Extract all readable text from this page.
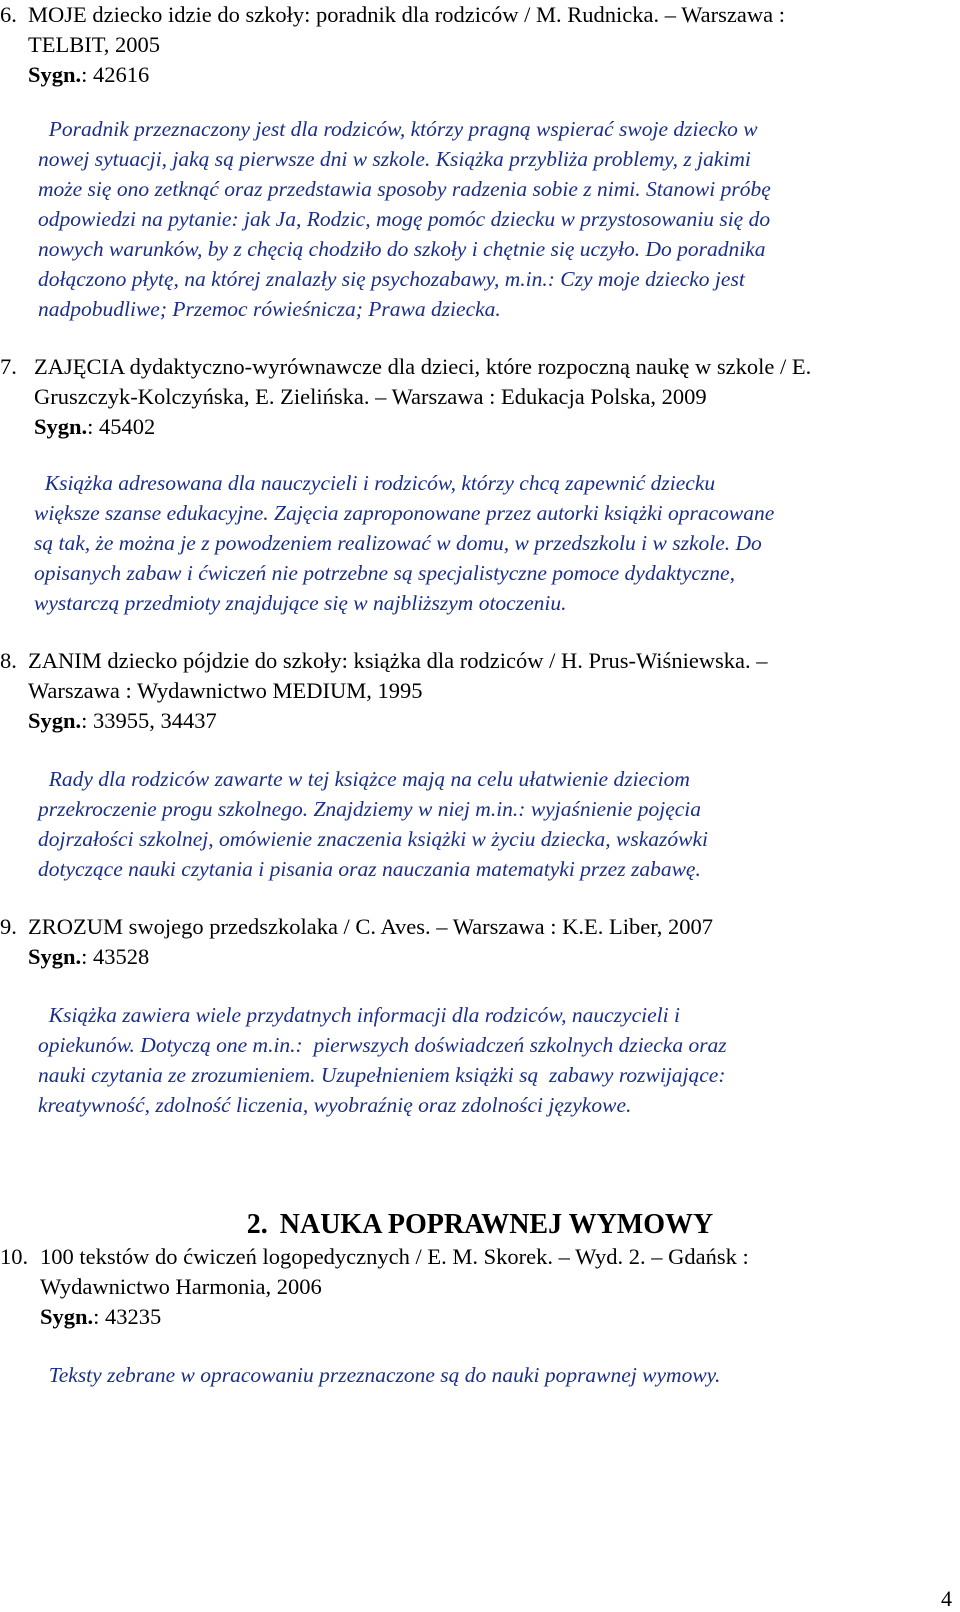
6. MOJE dziecko idzie do szkoły: poradnik dla rodziców / M. Rudnicka. – Warszawa :
TELBIT, 2005
Sygn.: 42616
Poradnik przeznaczony jest dla rodziców, którzy pragną wspierać swoje dziecko w
nowej sytuacji, jaką są pierwsze dni w szkole. Książka przybliża problemy, z jakimi
może się ono zetknąć oraz przedstawia sposoby radzenia sobie z nimi. Stanowi próbę
odpowiedzi na pytanie: jak Ja, Rodzic, mogę pomóc dziecku w przystosowaniu się do
nowych warunków, by z chęcią chodziło do szkoły i chętnie się uczyło. Do poradnika
dołączono płytę, na której znalazły się psychozabawy, m.in.: Czy moje dziecko jest
nadpobudliwe; Przemoc rówieśnicza; Prawa dziecka.
7. ZAJĘCIA dydaktyczno-wyrównawcze dla dzieci, które rozpoczną naukę w szkole / E.
Gruszczyk-Kolczyńska, E. Zielińska. – Warszawa : Edukacja Polska, 2009
Sygn.: 45402
Książka adresowana dla nauczycieli i rodziców, którzy chcą zapewnić dziecku
większe szanse edukacyjne. Zajęcia zaproponowane przez autorki książki opracowane
są tak, że można je z powodzeniem realizować w domu, w przedszkolu i w szkole. Do
opisanych zabaw i ćwiczeń nie potrzebne są specjalistyczne pomoce dydaktyczne,
wystarczą przedmioty znajdujące się w najbliższym otoczeniu.
8. ZANIM dziecko pójdzie do szkoły: książka dla rodziców / H. Prus-Wiśniewska. –
Warszawa : Wydawnictwo MEDIUM, 1995
Sygn.: 33955, 34437
Rady dla rodziców zawarte w tej książce mają na celu ułatwienie dzieciom
przekroczenie progu szkolnego. Znajdziemy w niej m.in.: wyjaśnienie pojęcia
dojrzałości szkolnej, omówienie znaczenia książki w życiu dziecka, wskazówki
dotyczące nauki czytania i pisania oraz nauczania matematyki przez zabawę.
9. ZROZUM swojego przedszkolaka / C. Aves. – Warszawa : K.E. Liber, 2007
Sygn.: 43528
Książka zawiera wiele przydatnych informacji dla rodziców, nauczycieli i
opiekunów. Dotyczą one m.in.:  pierwszych doświadczeń szkolnych dziecka oraz
nauki czytania ze zrozumieniem. Uzupełnieniem książki są  zabawy rozwijające:
kreatywność, zdolność liczenia, wyobraźnię oraz zdolności językowe.
2. NAUKA POPRAWNEJ WYMOWY
10. 100 tekstów do ćwiczeń logopedycznych / E. M. Skorek. – Wyd. 2. – Gdańsk :
Wydawnictwo Harmonia, 2006
Sygn.: 43235
Teksty zebrane w opracowaniu przeznaczone są do nauki poprawnej wymowy.
4
